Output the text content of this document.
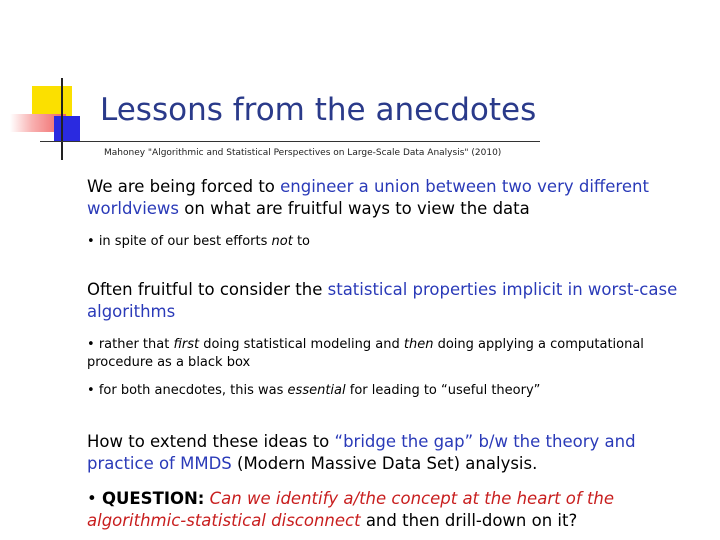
Lessons from the anecdotes
Mahoney "Algorithmic and Statistical Perspectives on Large-Scale Data Analysis" (2010)
We are being forced to engineer a union between two very different worldviews on what are fruitful ways to view the data
• in spite of our best efforts not to
Often fruitful to consider the statistical properties implicit in worst-case algorithms
• rather that first doing statistical modeling and then doing applying a computational procedure as a black box
• for both anecdotes, this was essential for leading to “useful theory”
How to extend these ideas to “bridge the gap” b/w the theory and practice of MMDS (Modern Massive Data Set) analysis.
• QUESTION: Can we identify a/the concept at the heart of the algorithmic-statistical disconnect and then drill-down on it?
